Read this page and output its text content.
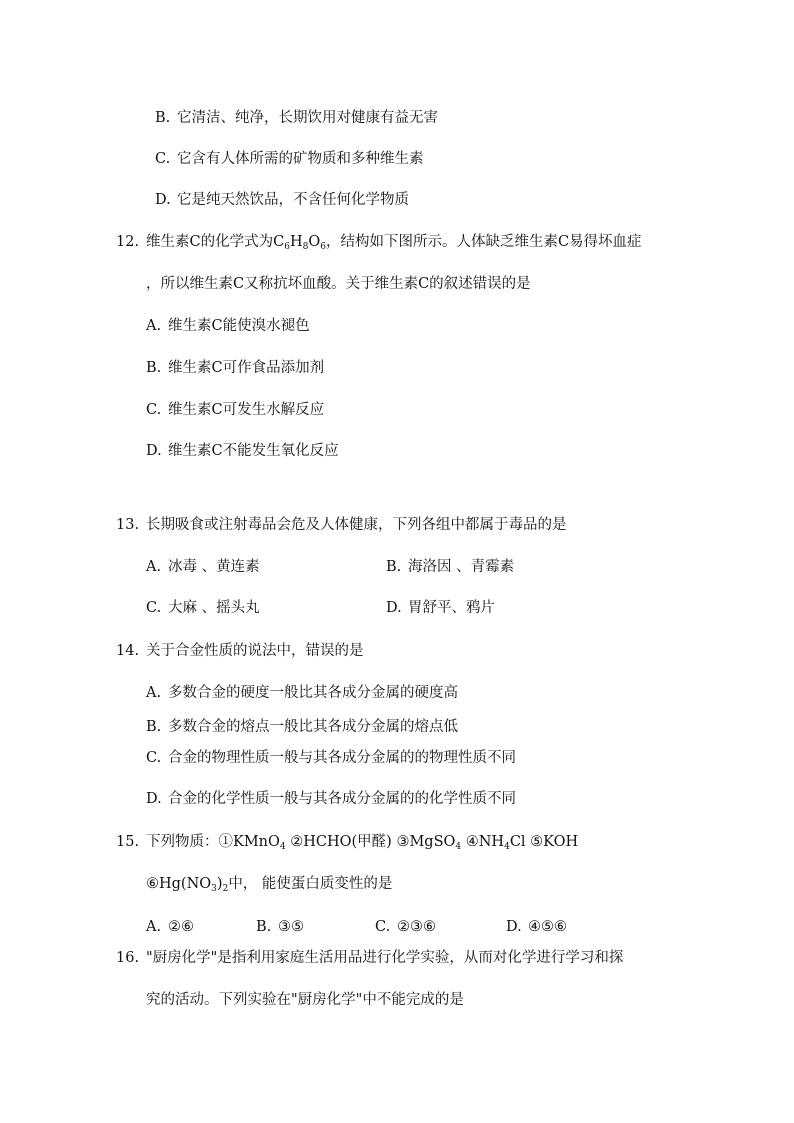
B. 它清洁、纯净，长期饮用对健康有益无害
C. 它含有人体所需的矿物质和多种维生素
D. 它是纯天然饮品，不含任何化学物质
12. 维生素C的化学式为$C_6H_8O_6$，结构如下图所示。人体缺乏维生素C易得坏血症
，所以维生素C又称抗坏血酸。关于维生素C的叙述错误的是
A. 维生素C能使溴水褪色
B. 维生素C可作食品添加剂
C. 维生素C可发生水解反应
D. 维生素C不能发生氧化反应
13. 长期吸食或注射毒品会危及人体健康，下列各组中都属于毒品的是
A. 冰毒 、黄连素	B. 海洛因 、青霉素
C. 大麻 、摇头丸	D. 胃舒平、鸦片
14. 关于合金性质的说法中，错误的是
A. 多数合金的硬度一般比其各成分金属的硬度高
B. 多数合金的熔点一般比其各成分金属的熔点低
C. 合金的物理性质一般与其各成分金属的的物理性质不同
D. 合金的化学性质一般与其各成分金属的的化学性质不同
15. 下列物质：①KMnO$_4$ ②HCHO(甲醛) ③MgSO$_4$ $④NH_4Cl$ ⑤KOH
$⑥Hg(NO_3)_2$中， 能使蛋白质变性的是
A. ②⑥	B. ③⑤	C. ②③⑥	D. ④⑤⑥
16. "厨房化学"是指利用家庭生活用品进行化学实验，从而对化学进行学习和探
究的活动。下列实验在"厨房化学"中不能完成的是
